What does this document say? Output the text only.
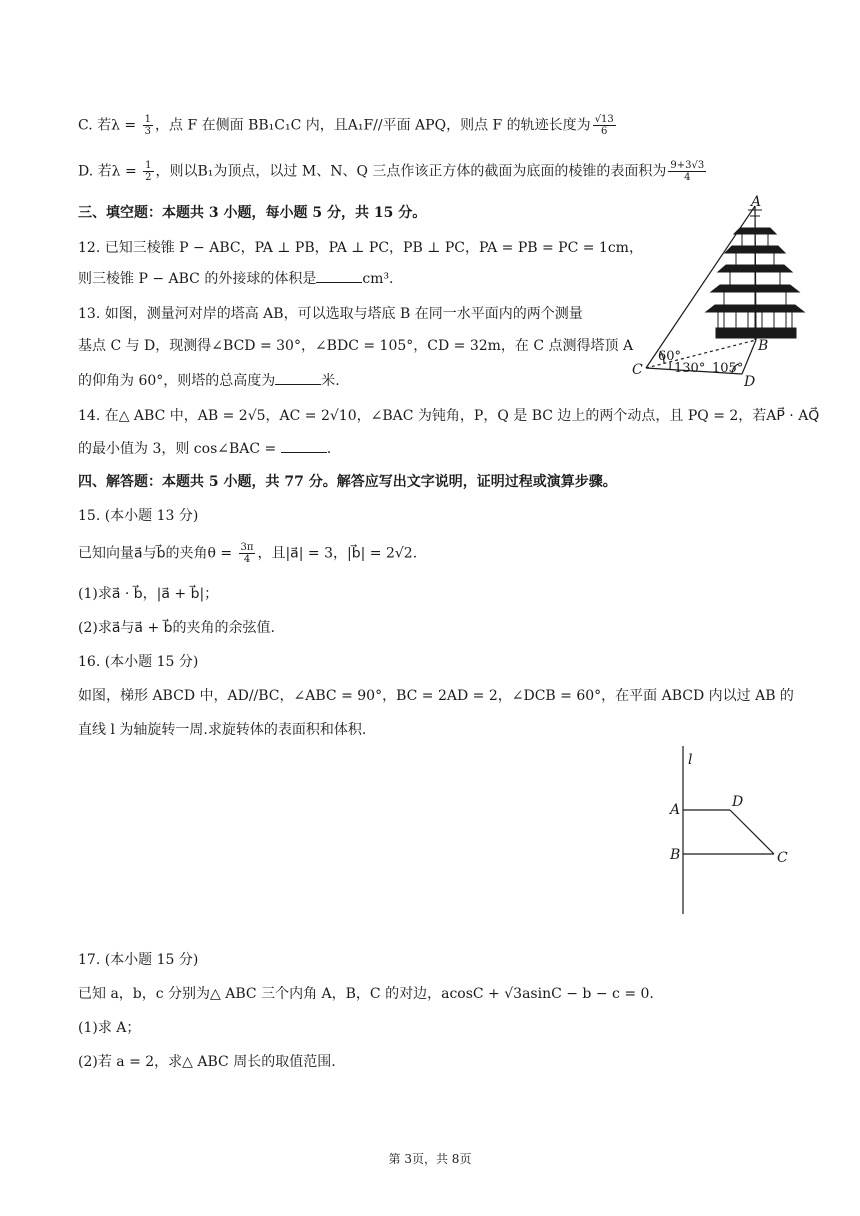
C. 若$\lambda = \frac{1}{3}$ ，点 F 在侧面 BB₁C₁C 内，且A₁F//平面 APQ，则点 F 的轨迹长度为 $\frac{√13}{6}$
D. 若$\lambda = \frac{1}{2}$ ，则以B₁为顶点，以过 M、N、Q 三点作该正方体的截面为底面的棱锥的表面积为 $\frac{9+3√3}{4}$
三、填空题：本题共 3 小题，每小题 5 分，共 15 分。
12. 已知三棱锥 P − ABC，PA ⊥ PB，PA ⊥ PC，PB ⊥ PC，PA = PB = PC = 1cm，
则三棱锥 P − ABC 的外接球的体积是	cm³.
13. 如图，测量河对岸的塔高 AB，可以选取与塔底 B 在同一水平面内的两个测量
基点 C 与 D，现测得∠BCD = 30°，∠BDC = 105°，CD = 32m，在 C 点测得塔顶 A
的仰角为 60°，则塔的总高度为	米.
A
B
C
D
60°
130° 105°
14. 在△ ABC 中，AB = 2√5，AC = 2√10，∠BAC 为钝角，P，Q 是 BC 边上的两个动点，且 PQ = 2，若AP⃗ · AQ⃗
的最小值为 3，则 cos∠BAC =	.
四、解答题：本题共 5 小题，共 77 分。解答应写出文字说明，证明过程或演算步骤。
15. (本小题 13 分)
已知向量a⃗与b⃗的夹角$\theta = \frac{3\pi}{4}$ ，且|a⃗| = 3，|b⃗| = 2√2.
(1)求a⃗ · b⃗，|a⃗ + b⃗|；
(2)求a⃗与a⃗ + b⃗的夹角的余弦值.
16. (本小题 15 分)
如图，梯形 ABCD 中，AD//BC，∠ABC = 90°，BC = 2AD = 2，∠DCB = 60°，在平面 ABCD 内以过 AB 的
直线 l 为轴旋转一周.求旋转体的表面积和体积.
l
A
B	C
D
17. (本小题 15 分)
已知 a，b，c 分别为△ ABC 三个内角 A，B，C 的对边，acosC + √3asinC − b − c = 0.
(1)求 A；
(2)若 a = 2，求△ ABC 周长的取值范围.
第 3页，共 8页
